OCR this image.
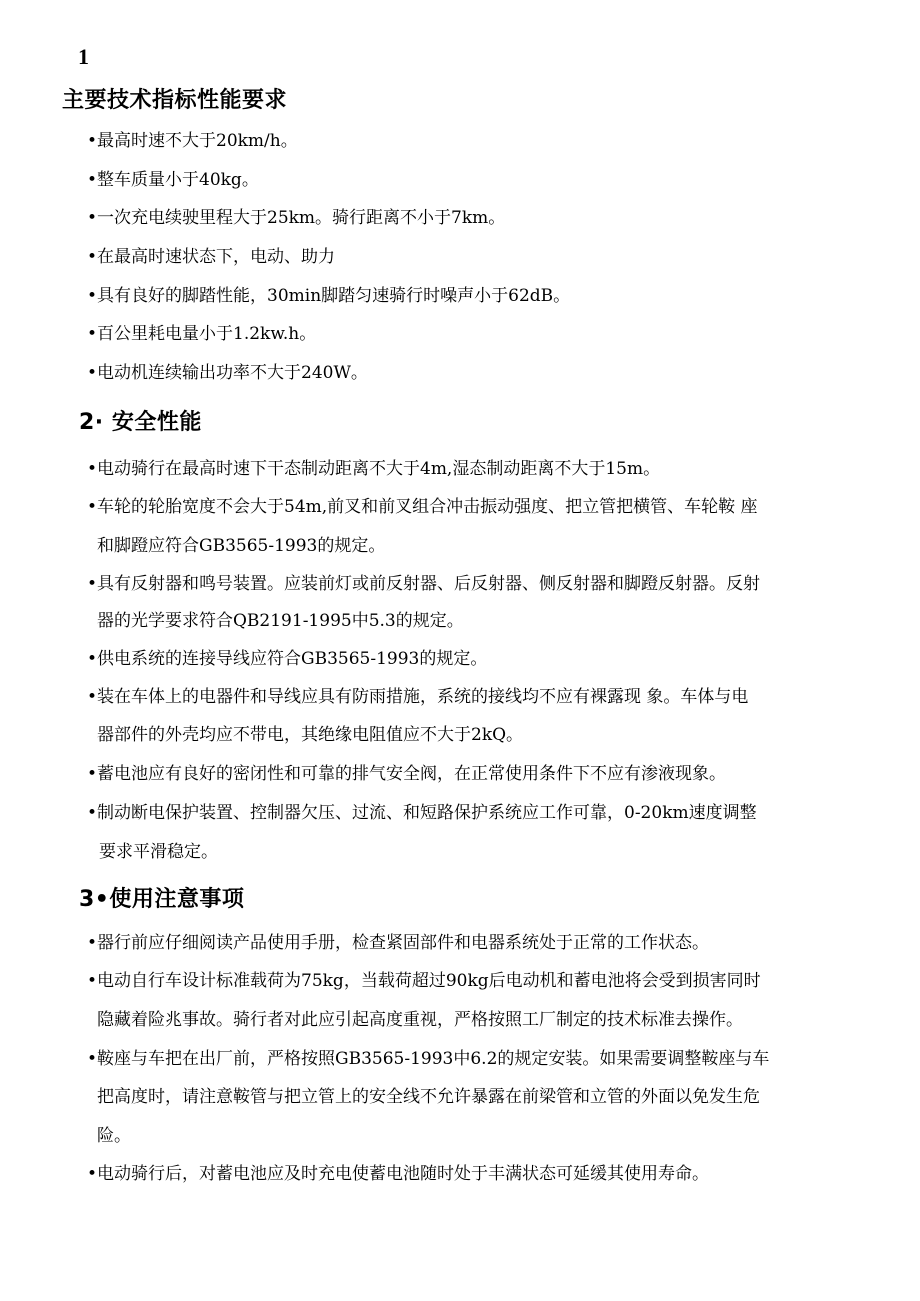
1
主要技术指标性能要求
•最高时速不大于20km/h。
•整车质量小于40kg。
•一次充电续驶里程大于25km。骑行距离不小于7km。
•在最高时速状态下，电动、助力
•具有良好的脚踏性能，30min脚踏匀速骑行时噪声小于62dB。
•百公里耗电量小于1.2kw.h。
•电动机连续输出功率不大于240W。
2· 安全性能
•电动骑行在最高时速下干态制动距离不大于4m,湿态制动距离不大于15m。
•车轮的轮胎宽度不会大于54m,前叉和前叉组合冲击振动强度、把立管把横管、车轮鞍 座
和脚蹬应符合GB3565-1993的规定。
•具有反射器和鸣号装置。应装前灯或前反射器、后反射器、侧反射器和脚蹬反射器。反射
器的光学要求符合QB2191-1995中5.3的规定。
•供电系统的连接导线应符合GB3565-1993的规定。
•装在车体上的电器件和导线应具有防雨措施，系统的接线均不应有裸露现 象。车体与电
器部件的外壳均应不带电，其绝缘电阻值应不大于2kQ。
•蓄电池应有良好的密闭性和可靠的排气安全阀，在正常使用条件下不应有渗液现象。
•制动断电保护装置、控制器欠压、过流、和短路保护系统应工作可靠，0-20km速度调整
要求平滑稳定。
3•使用注意事项
•器行前应仔细阅读产品使用手册，检查紧固部件和电器系统处于正常的工作状态。
•电动自行车设计标准载荷为75kg，当载荷超过90kg后电动机和蓄电池将会受到损害同时
隐藏着险兆事故。骑行者对此应引起高度重视，严格按照工厂制定的技术标准去操作。
•鞍座与车把在出厂前，严格按照GB3565-1993中6.2的规定安装。如果需要调整鞍座与车
把高度时，请注意鞍管与把立管上的安全线不允许暴露在前梁管和立管的外面以免发生危
险。
•电动骑行后，对蓄电池应及时充电使蓄电池随时处于丰满状态可延缓其使用寿命。
